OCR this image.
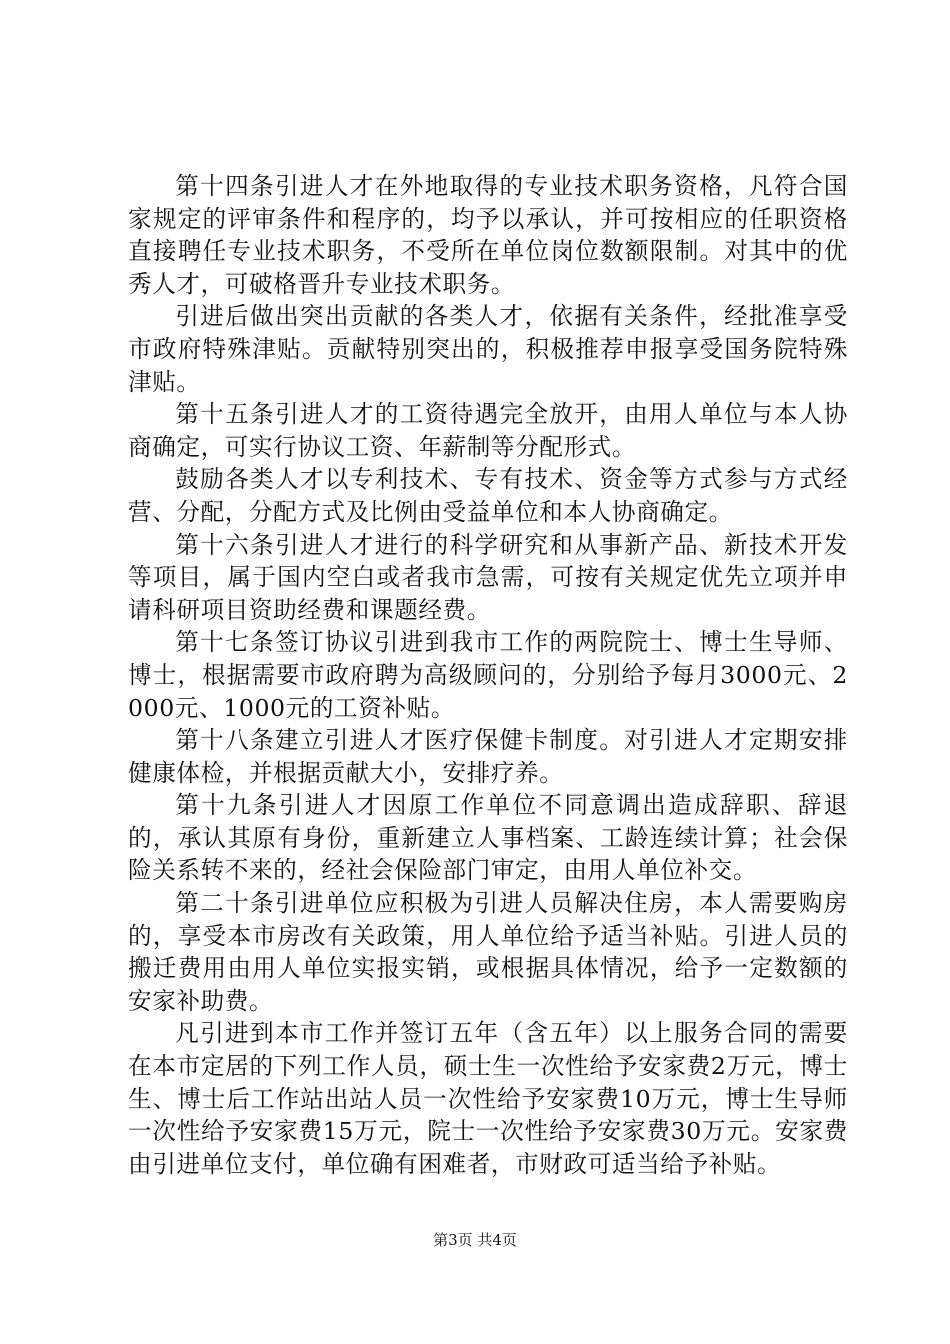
第十四条引进人才在外地取得的专业技术职务资格，凡符合国家规定的评审条件和程序的，均予以承认，并可按相应的任职资格直接聘任专业技术职务，不受所在单位岗位数额限制。对其中的优秀人才，可破格晋升专业技术职务。

引进后做出突出贡献的各类人才，依据有关条件，经批准享受市政府特殊津贴。贡献特别突出的，积极推荐申报享受国务院特殊津贴。

第十五条引进人才的工资待遇完全放开，由用人单位与本人协商确定，可实行协议工资、年薪制等分配形式。

鼓励各类人才以专利技术、专有技术、资金等方式参与方式经营、分配，分配方式及比例由受益单位和本人协商确定。

第十六条引进人才进行的科学研究和从事新产品、新技术开发等项目，属于国内空白或者我市急需，可按有关规定优先立项并申请科研项目资助经费和课题经费。

第十七条签订协议引进到我市工作的两院院士、博士生导师、博士，根据需要市政府聘为高级顾问的，分别给予每月3000元、2000元、1000元的工资补贴。

第十八条建立引进人才医疗保健卡制度。对引进人才定期安排健康体检，并根据贡献大小，安排疗养。

第十九条引进人才因原工作单位不同意调出造成辞职、辞退的，承认其原有身份，重新建立人事档案、工龄连续计算；社会保险关系转不来的，经社会保险部门审定，由用人单位补交。

第二十条引进单位应积极为引进人员解决住房，本人需要购房的，享受本市房改有关政策，用人单位给予适当补贴。引进人员的搬迁费用由用人单位实报实销，或根据具体情况，给予一定数额的安家补助费。

凡引进到本市工作并签订五年（含五年）以上服务合同的需要在本市定居的下列工作人员，硕士生一次性给予安家费2万元，博士生、博士后工作站出站人员一次性给予安家费10万元，博士生导师一次性给予安家费15万元，院士一次性给予安家费30万元。安家费由引进单位支付，单位确有困难者，市财政可适当给予补贴。

第3页 共4页
